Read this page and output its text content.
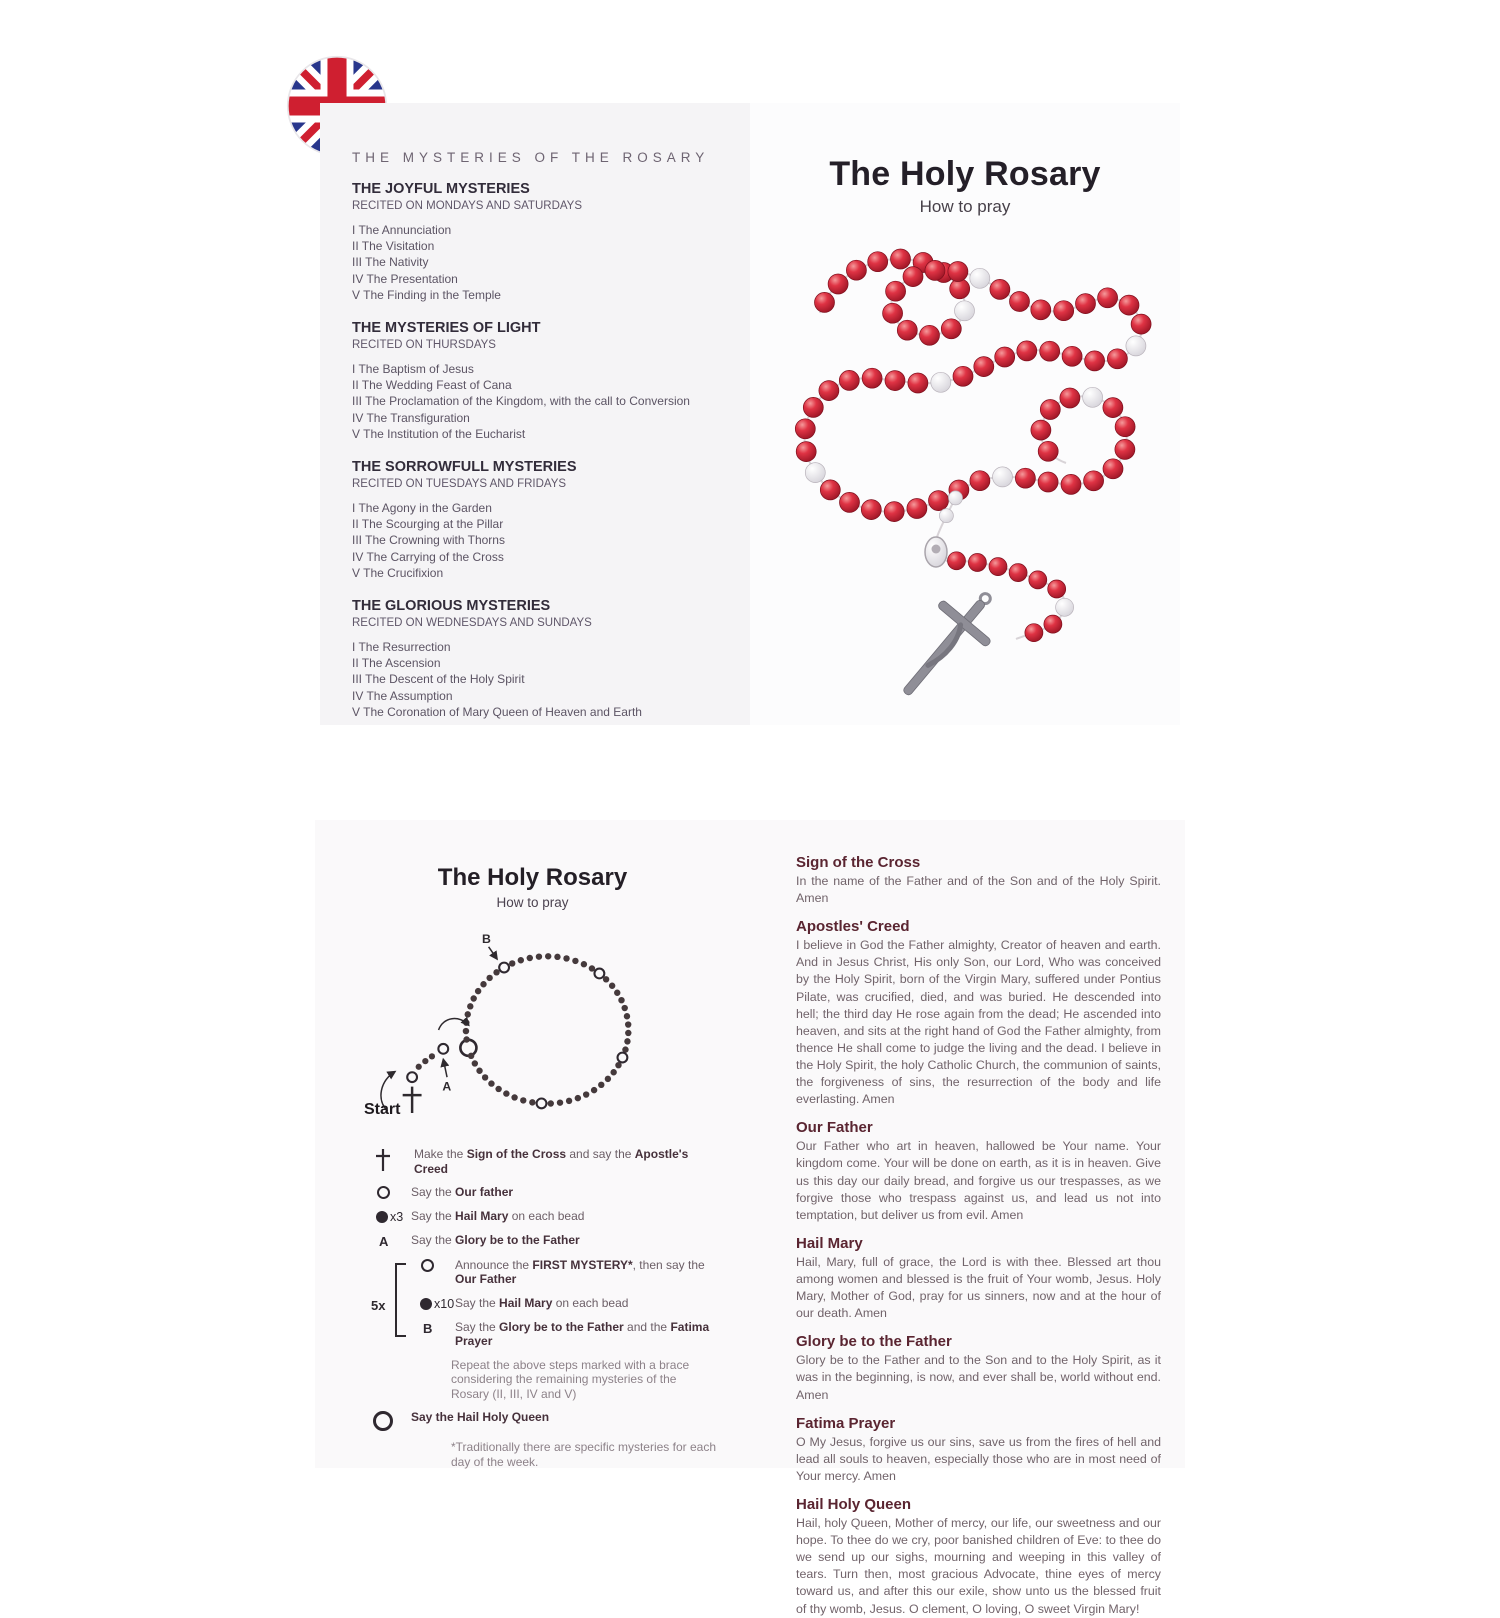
THE MYSTERIES OF THE ROSARY
THE JOYFUL MYSTERIES
RECITED ON MONDAYS AND SATURDAYS
I The Annunciation
II The Visitation
III The Nativity
IV The Presentation
V The Finding in the Temple
THE MYSTERIES OF LIGHT
RECITED ON THURSDAYS
I The Baptism of Jesus
II The Wedding Feast of Cana
III The Proclamation of the Kingdom, with the call to Conversion
IV The Transfiguration
V The Institution of the Eucharist
THE SORROWFULL MYSTERIES
RECITED ON TUESDAYS AND FRIDAYS
I The Agony in the Garden
II The Scourging at the Pillar
III The Crowning with Thorns
IV The Carrying of the Cross
V The Crucifixion
THE GLORIOUS MYSTERIES
RECITED ON WEDNESDAYS AND SUNDAYS
I The Resurrection
II The Ascension
III The Descent of the Holy Spirit
IV The Assumption
V The Coronation of Mary Queen of Heaven and Earth
The Holy Rosary
How to pray
The Holy Rosary
How to pray
B
A
Start
Make the Sign of the Cross and say the Apostle's Creed
Say the Our father
x3 Say the Hail Mary on each bead
A Say the Glory be to the Father
5x
Announce the FIRST MYSTERY*, then say the Our Father
x10 Say the Hail Mary on each bead
B Say the Glory be to the Father and the Fatima Prayer
Repeat the above steps marked with a brace considering the remaining mysteries of the Rosary (II, III, IV and V)
Say the Hail Holy Queen
*Traditionally there are specific mysteries for each day of the week.
Sign of the Cross

In the name of the Father and of the Son and of the Holy Spirit. Amen

Apostles' Creed

I believe in God the Father almighty, Creator of heaven and earth. And in Jesus Christ, His only Son, our Lord, Who was conceived by the Holy Spirit, born of the Virgin Mary, suffered under Pontius Pilate, was crucified, died, and was buried. He descended into hell; the third day He rose again from the dead; He ascended into heaven, and sits at the right hand of God the Father almighty, from thence He shall come to judge the living and the dead. I believe in the Holy Spirit, the holy Catholic Church, the communion of saints, the forgiveness of sins, the resurrection of the body and life everlasting. Amen

Our Father

Our Father who art in heaven, hallowed be Your name. Your kingdom come. Your will be done on earth, as it is in heaven. Give us this day our daily bread, and forgive us our trespasses, as we forgive those who trespass against us, and lead us not into temptation, but deliver us from evil. Amen

Hail Mary

Hail, Mary, full of grace, the Lord is with thee. Blessed art thou among women and blessed is the fruit of Your womb, Jesus. Holy Mary, Mother of God, pray for us sinners, now and at the hour of our death. Amen

Glory be to the Father

Glory be to the Father and to the Son and to the Holy Spirit, as it was in the beginning, is now, and ever shall be, world without end. Amen

Fatima Prayer

O My Jesus, forgive us our sins, save us from the fires of hell and lead all souls to heaven, especially those who are in most need of Your mercy. Amen

Hail Holy Queen

Hail, holy Queen, Mother of mercy, our life, our sweetness and our hope. To thee do we cry, poor banished children of Eve: to thee do we send up our sighs, mourning and weeping in this valley of tears. Turn then, most gracious Advocate, thine eyes of mercy toward us, and after this our exile, show unto us the blessed fruit of thy womb, Jesus. O clement, O loving, O sweet Virgin Mary!
